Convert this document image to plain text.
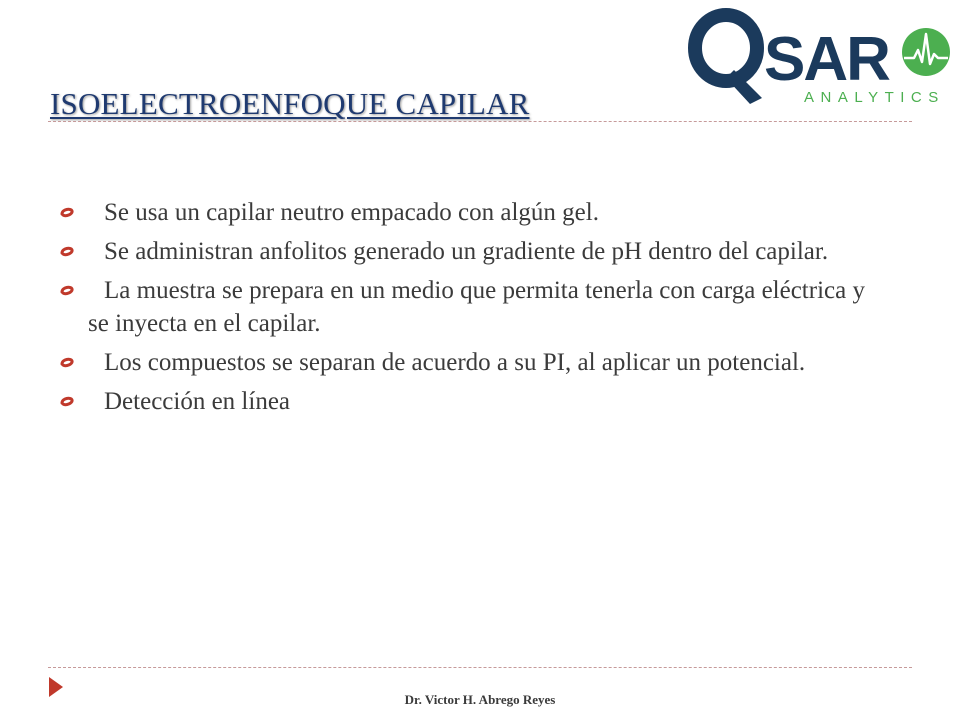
SAR
ANALYTICS
ISOELECTROENFOQUE CAPILAR
Se usa un capilar neutro empacado con algún gel.
Se administran anfolitos generado un gradiente de pH dentro del capilar.
La muestra se prepara en un medio que permita tenerla con carga eléctrica y se inyecta en el capilar.
Los compuestos se separan de acuerdo a su PI, al aplicar un potencial.
Detección en línea
Dr. Victor H. Abrego Reyes
